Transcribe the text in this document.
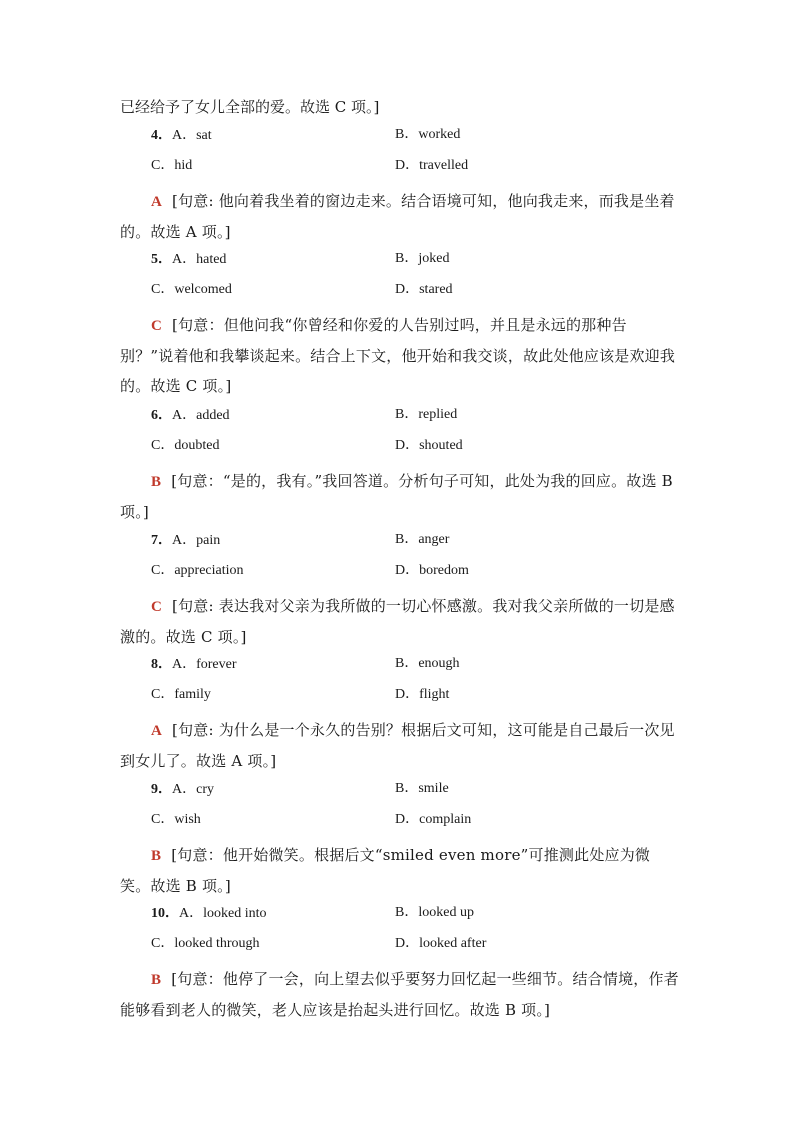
已经给予了女儿全部的爱。故选 C 项。]

4．A．sat	B．worked
C．hid	D．travelled

A [句意: 他向着我坐着的窗边走来。结合语境可知，他向我走来，而我是坐着的。故选 A 项。]

5．A．hated	B．joked
C．welcomed	D．stared

C [句意：但他问我“你曾经和你爱的人告别过吗，并且是永远的那种告别？”说着他和我攀谈起来。结合上下文，他开始和我交谈，故此处他应该是欢迎我的。故选 C 项。]

6．A．added	B．replied
C．doubted	D．shouted

B [句意：“是的，我有。”我回答道。分析句子可知，此处为我的回应。故选 B 项。]

7．A．pain	B．anger
C．appreciation	D．boredom

C [句意: 表达我对父亲为我所做的一切心怀感激。我对我父亲所做的一切是感激的。故选 C 项。]

8．A．forever	B．enough
C．family	D．flight

A [句意: 为什么是一个永久的告别？根据后文可知，这可能是自己最后一次见到女儿了。故选 A 项。]

9．A．cry	B．smile
C．wish	D．complain

B [句意：他开始微笑。根据后文“smiled even more”可推测此处应为微笑。故选 B 项。]

10．A．looked into	B．looked up
C．looked through	D．looked after

B [句意：他停了一会，向上望去似乎要努力回忆起一些细节。结合情境，作者能够看到老人的微笑，老人应该是抬起头进行回忆。故选 B 项。]
